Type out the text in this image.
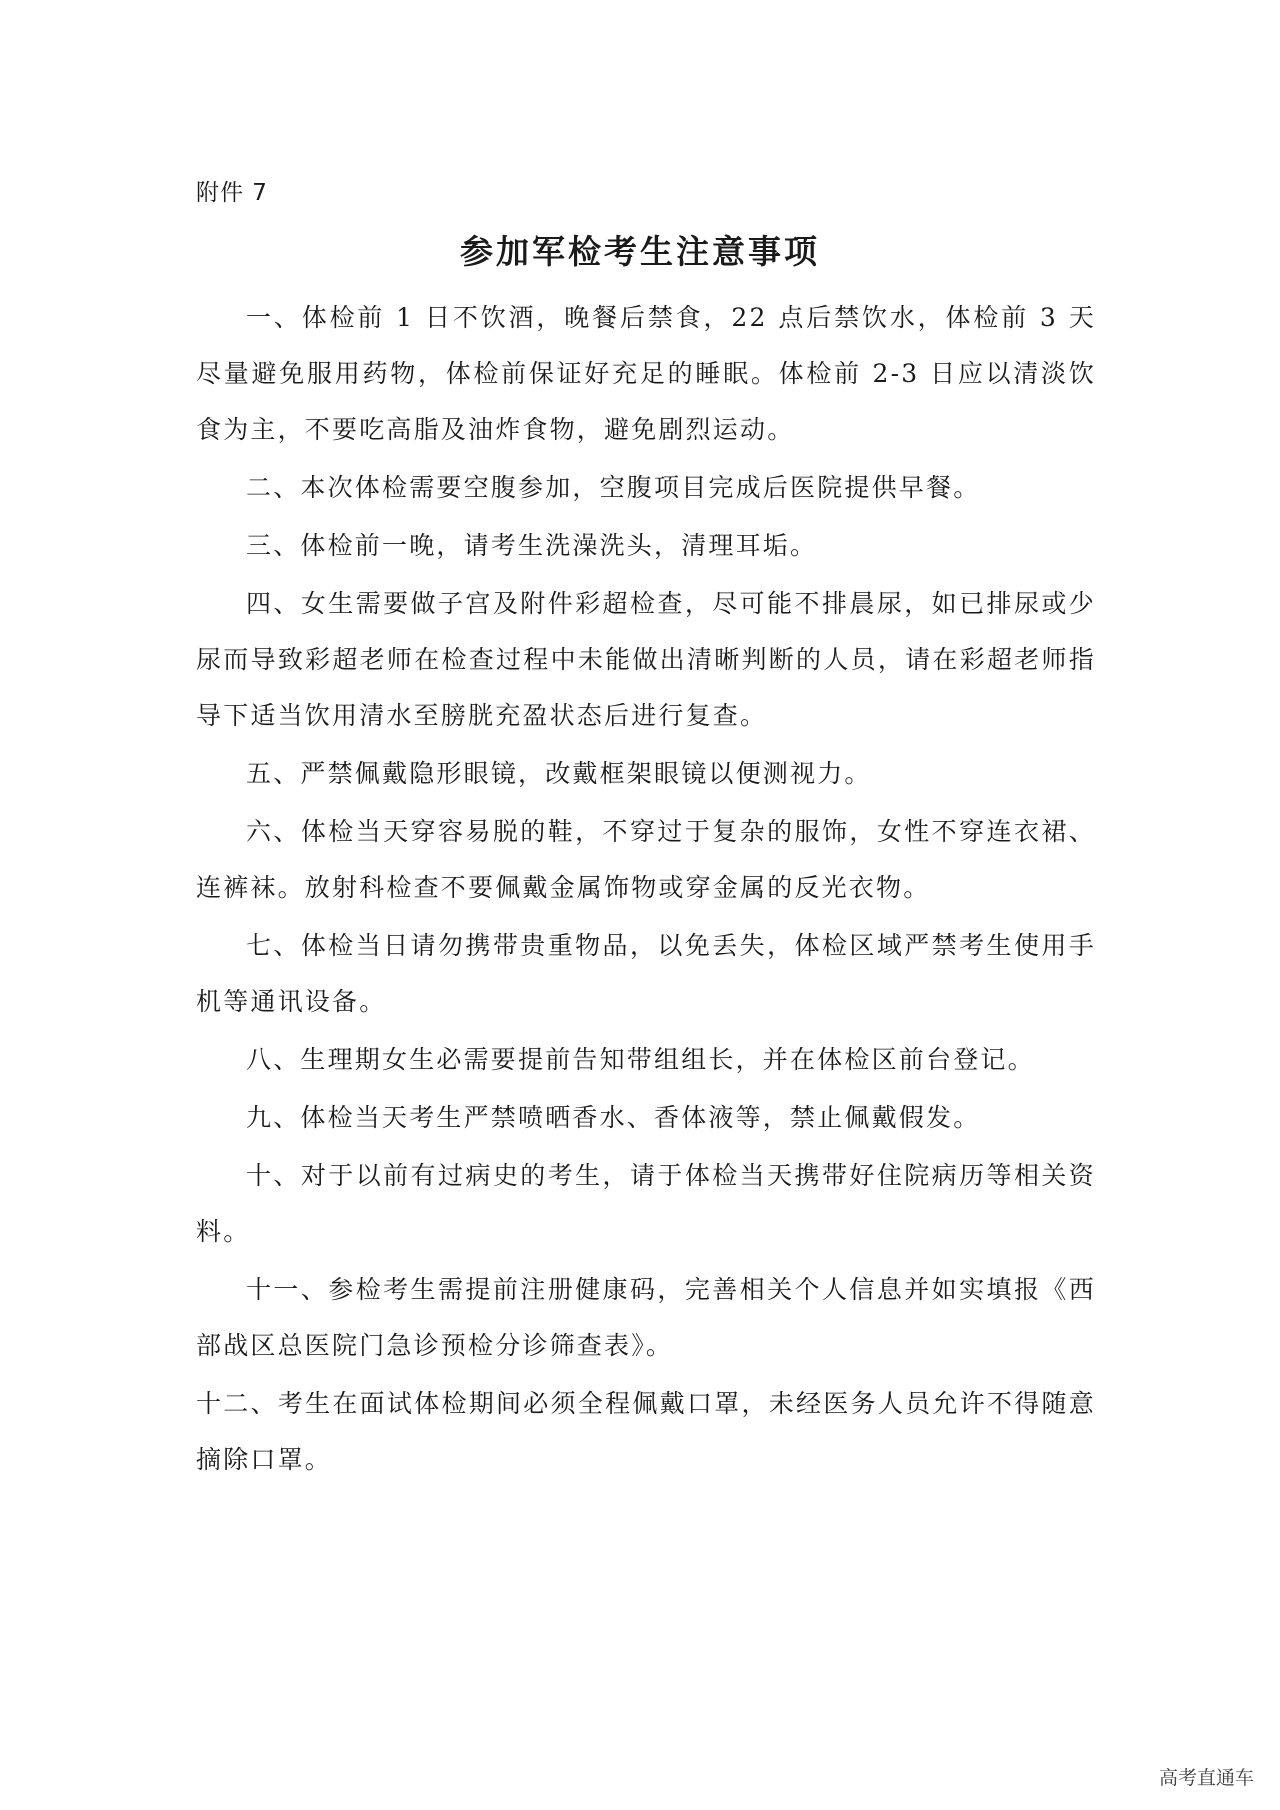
附件 7
参加军检考生注意事项

一、体检前 1 日不饮酒，晚餐后禁食，22 点后禁饮水，体检前 3 天尽量避免服用药物，体检前保证好充足的睡眠。体检前 2-3 日应以清淡饮食为主，不要吃高脂及油炸食物，避免剧烈运动。

二、本次体检需要空腹参加，空腹项目完成后医院提供早餐。

三、体检前一晚，请考生洗澡洗头，清理耳垢。

四、女生需要做子宫及附件彩超检查，尽可能不排晨尿，如已排尿或少尿而导致彩超老师在检查过程中未能做出清晰判断的人员，请在彩超老师指导下适当饮用清水至膀胱充盈状态后进行复查。

五、严禁佩戴隐形眼镜，改戴框架眼镜以便测视力。

六、体检当天穿容易脱的鞋，不穿过于复杂的服饰，女性不穿连衣裙、连裤袜。放射科检查不要佩戴金属饰物或穿金属的反光衣物。

七、体检当日请勿携带贵重物品，以免丢失，体检区域严禁考生使用手机等通讯设备。

八、生理期女生必需要提前告知带组组长，并在体检区前台登记。

九、体检当天考生严禁喷晒香水、香体液等，禁止佩戴假发。

十、对于以前有过病史的考生，请于体检当天携带好住院病历等相关资料。

十一、参检考生需提前注册健康码，完善相关个人信息并如实填报《西部战区总医院门急诊预检分诊筛查表》。

十二、考生在面试体检期间必须全程佩戴口罩，未经医务人员允许不得随意摘除口罩。

高考直通车
